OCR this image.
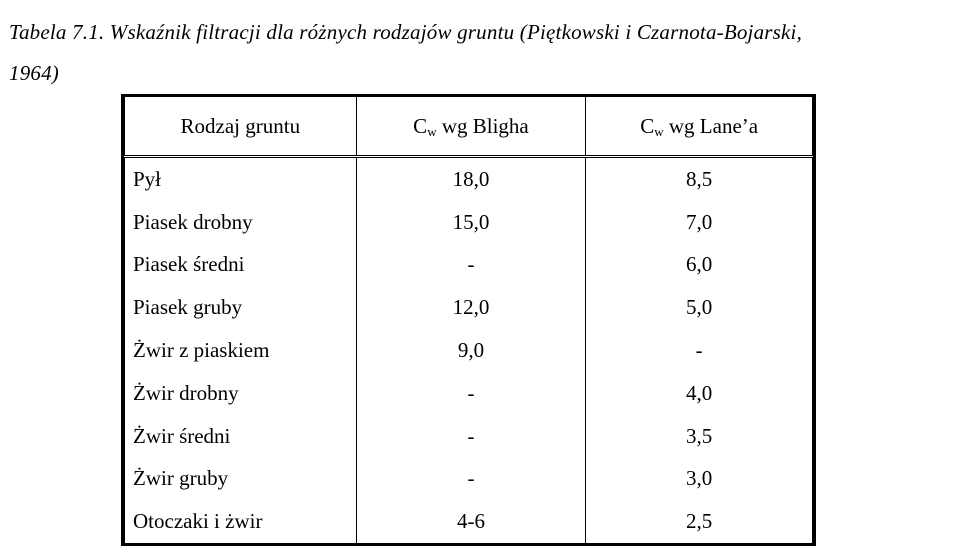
Tabela 7.1. Wskaźnik filtracji dla różnych rodzajów gruntu (Piętkowski i Czarnota-Bojarski,
1964)
Rodzaj gruntu	$C_w$ wg Bligha	$C_w$ wg Lane’a
Pył	18,0	8,5
Piasek drobny	15,0	7,0
Piasek średni	-	6,0
Piasek gruby	12,0	5,0
Żwir z piaskiem	9,0	-
Żwir drobny	-	4,0
Żwir średni	-	3,5
Żwir gruby	-	3,0
Otoczaki i żwir	4-6	2,5
